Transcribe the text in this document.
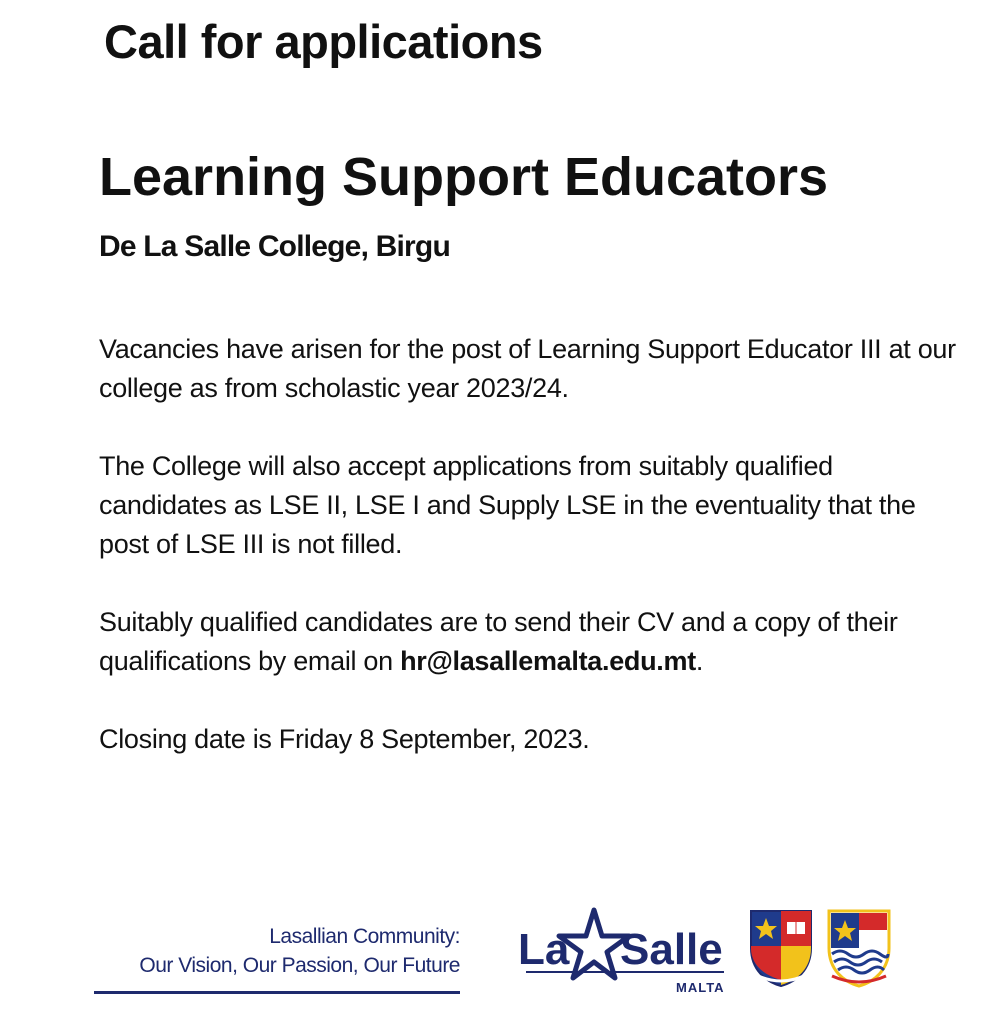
Call for applications
Learning Support Educators
De La Salle College, Birgu

Vacancies have arisen for the post of Learning Support Educator III at our college as from scholastic year 2023/24.

The College will also accept applications from suitably qualified candidates as LSE II, LSE I and Supply LSE in the eventuality that the post of LSE III is not filled.

Suitably qualified candidates are to send their CV and a copy of their qualifications by email on hr@lasallemalta.edu.mt.

Closing date is Friday 8 September, 2023.

Lasallian Community:
Our Vision, Our Passion, Our Future La Salle
MALTA
